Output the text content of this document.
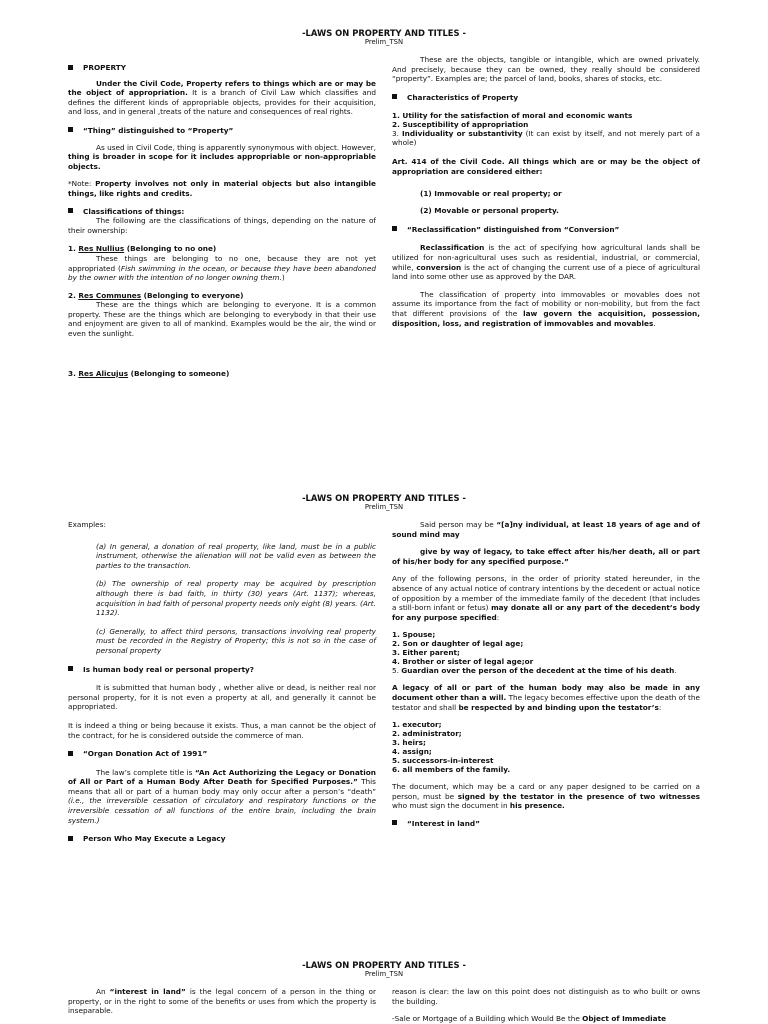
-LAWS ON PROPERTY AND TITLES -
Prelim_TSN

PROPERTY

Under the Civil Code, Property refers to things which are or may be the object of appropriation. It is a branch of Civil Law which classifies and defines the different kinds of appropriable objects, provides for their acquisition, and loss, and in general ,treats of the nature and consequences of real rights.

“Thing” distinguished to “Property”

As used in Civil Code, thing is apparently synonymous with object. However, thing is broader in scope for it includes appropriable or non-appropriable objects.

*Note: Property involves not only in material objects but also intangible things, like rights and credits.

Classifications of things:

The following are the classifications of things, depending on the nature of their ownership:

1. Res Nullius (Belonging to no one)

These things are belonging to no one, because they are not yet appropriated (Fish swimming in the ocean, or because they have been abandoned by the owner with the intention of no longer owning them.)

2. Res Communes (Belonging to everyone)

These are the things which are belonging to everyone. It is a common property. These are the things which are belonging to everybody in that their use and enjoyment are given to all of mankind. Examples would be the air, the wind or even the sunlight.

3. Res Alicujus (Belonging to someone)

These are the objects, tangible or intangible, which are owned privately. And precisely, because they can be owned, they really should be considered “property”. Examples are; the parcel of land, books, shares of stocks, etc.

Characteristics of Property

1. Utility for the satisfaction of moral and economic wants

2. Susceptibility of appropriation

3. Individuality or substantivity (It can exist by itself, and not merely part of a whole)

Art. 414 of the Civil Code. All things which are or may be the object of appropriation are considered either:

(1) Immovable or real property; or

(2) Movable or personal property.

“Reclassification” distinguished from “Conversion”

Reclassification is the act of specifying how agricultural lands shall be utilized for non-agricultural uses such as residential, industrial, or commercial, while, conversion is the act of changing the current use of a piece of agricultural land into some other use as approved by the DAR.

The classification of property into immovables or movables does not assume its importance from the fact of mobility or non-mobility, but from the fact that different provisions of the law govern the acquisition, possession, disposition, loss, and registration of immovables and movables.

-LAWS ON PROPERTY AND TITLES -
Prelim_TSN

Examples:

(a) In general, a donation of real property, like land, must be in a public instrument, otherwise the alienation will not be valid even as between the parties to the transaction.

(b) The ownership of real property may be acquired by prescription although there is bad faith, in thirty (30) years (Art. 1137); whereas, acquisition in bad faith of personal property needs only eight (8) years. (Art. 1132).

(c) Generally, to affect third persons, transactions involving real property must be recorded in the Registry of Property; this is not so in the case of personal property

Is human body real or personal property?

It is submitted that human body , whether alive or dead, is neither real nor personal property, for it is not even a property at all, and generally it cannot be appropriated.

It is indeed a thing or being because it exists. Thus, a man cannot be the object of the contract, for he is considered outside the commerce of man.

“Organ Donation Act of 1991”

The law’s complete title is “An Act Authorizing the Legacy or Donation of All or Part of a Human Body After Death for Specified Purposes.” This means that all or part of a human body may only occur after a person’s “death” (i.e., the irreversible cessation of circulatory and respiratory functions or the irreversible cessation of all functions of the entire brain, including the brain system.)

Person Who May Execute a Legacy

Said person may be “[a]ny individual, at least 18 years of age and of sound mind may

give by way of legacy, to take effect after his/her death, all or part of his/her body for any specified purpose.”

Any of the following persons, in the order of priority stated hereunder, in the absence of any actual notice of contrary intentions by the decedent or actual notice of opposition by a member of the immediate family of the decedent (that includes a still-born infant or fetus) may donate all or any part of the decedent’s body for any purpose specified:

1. Spouse;

2. Son or daughter of legal age;

3. Either parent;

4. Brother or sister of legal age;or

5. Guardian over the person of the decedent at the time of his death.

A legacy of all or part of the human body may also be made in any document other than a will. The legacy becomes effective upon the death of the testator and shall be respected by and binding upon the testator’s:

1. executor;

2. administrator;

3. heirs;

4. assign;

5. successors-in-interest

6. all members of the family.

The document, which may be a card or any paper designed to be carried on a person, must be signed by the testator in the presence of two witnesses who must sign the document in his presence.

“Interest in land”

-LAWS ON PROPERTY AND TITLES -
Prelim_TSN

An “interest in land” is the legal concern of a person in the thing or property, or in the right to some of the benefits or uses from which the property is inseparable.

reason is clear: the law on this point does not distinguish as to who built or owns the building.

-Sale or Mortgage of a Building which Would Be the Object of Immediate
